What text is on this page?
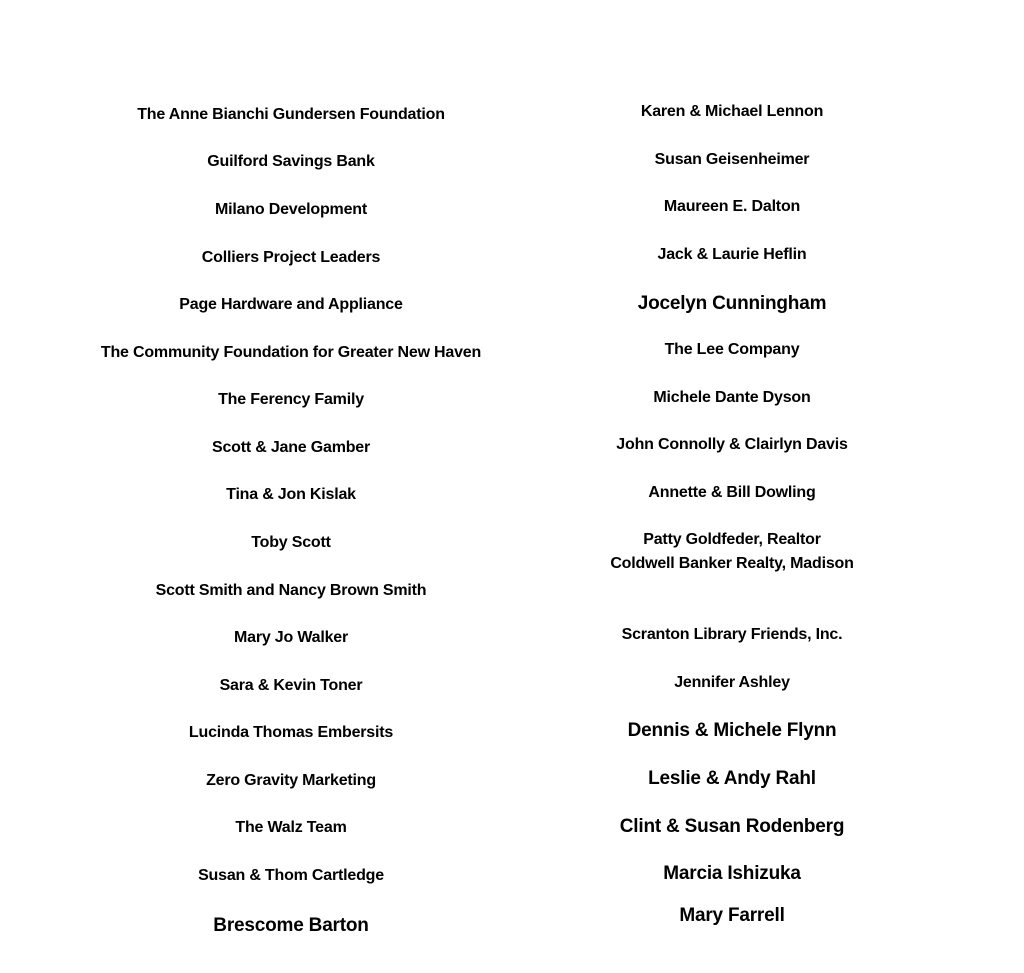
The Anne Bianchi Gundersen Foundation
Guilford Savings Bank
Milano Development
Colliers Project Leaders
Page Hardware and Appliance
The Community Foundation for Greater New Haven
The Ferency Family
Scott & Jane Gamber
Tina & Jon Kislak
Toby Scott
Scott Smith and Nancy Brown Smith
Mary Jo Walker
Sara & Kevin Toner
Lucinda Thomas Embersits
Zero Gravity Marketing
The Walz Team
Susan & Thom Cartledge
Brescome Barton
Karen & Michael Lennon
Susan Geisenheimer
Maureen E. Dalton
Jack & Laurie Heflin
Jocelyn Cunningham
The Lee Company
Michele Dante Dyson
John Connolly & Clairlyn Davis
Annette & Bill Dowling
Patty Goldfeder, Realtor
Coldwell Banker Realty, Madison
Scranton Library Friends, Inc.
Jennifer Ashley
Dennis & Michele Flynn
Leslie & Andy Rahl
Clint & Susan Rodenberg
Marcia Ishizuka
Mary Farrell
